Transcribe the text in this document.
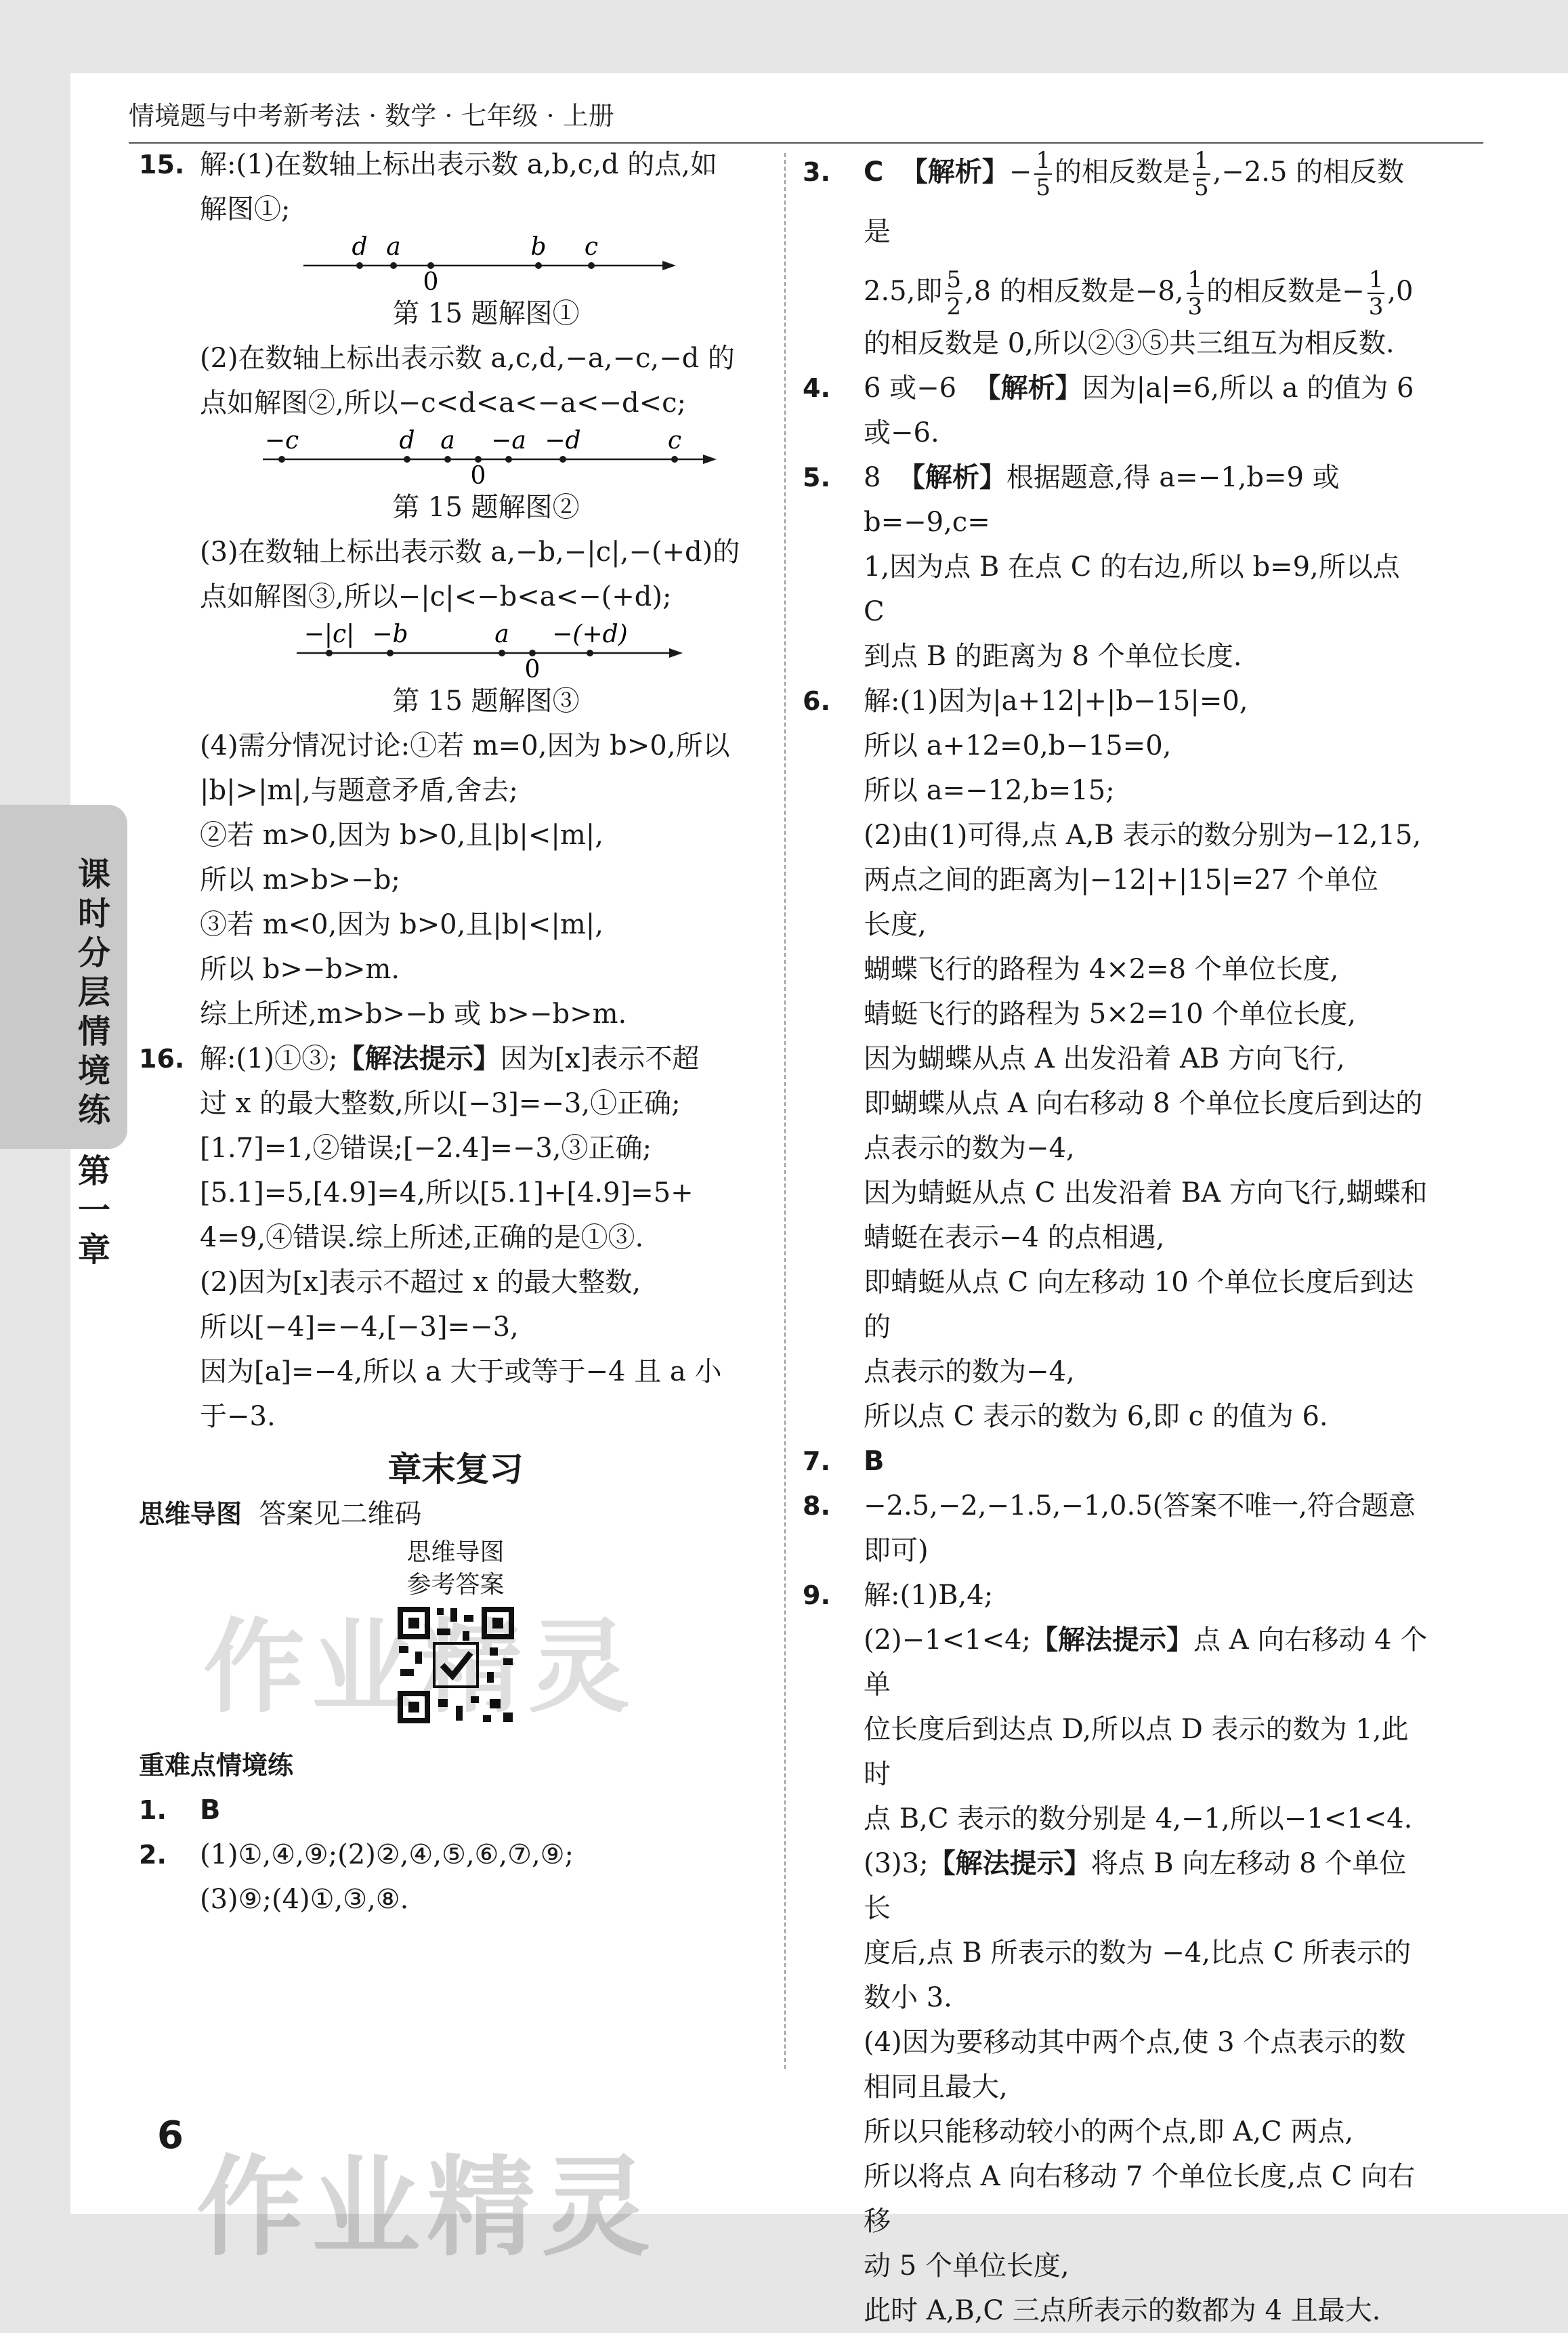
情境题与中考新考法 · 数学 · 七年级 · 上册
课时分层情境练
第一章
15. 解:(1)在数轴上标出表示数 a,b,c,d 的点,如

解图①;

d a	b c
0

第 15 题解图①

(2)在数轴上标出表示数 a,c,d,−a,−c,−d 的

点如解图②,所以−c<d<a<−a<−d<c;

−c	d a −a −d	c
0

第 15 题解图②

(3)在数轴上标出表示数 a,−b,−|c|,−(+d)的

点如解图③,所以−|c|<−b<a<−(+d);

−|c| −b	a −(+d)
0

第 15 题解图③

(4)需分情况讨论:①若 m=0,因为 b>0,所以

|b|>|m|,与题意矛盾,舍去;

②若 m>0,因为 b>0,且|b|<|m|,

所以 m>b>−b;

③若 m<0,因为 b>0,且|b|<|m|,

所以 b>−b>m.

综上所述,m>b>−b 或 b>−b>m.

16. 解:(1)①③;【解法提示】因为[x]表示不超

过 x 的最大整数,所以[−3]=−3,①正确;

[1.7]=1,②错误;[−2.4]=−3,③正确;

[5.1]=5,[4.9]=4,所以[5.1]+[4.9]=5+

4=9,④错误.综上所述,正确的是①③.

(2)因为[x]表示不超过 x 的最大整数,

所以[−4]=−4,[−3]=−3,

因为[a]=−4,所以 a 大于或等于−4 且 a 小

于−3.

章末复习

思维导图 答案见二维码

思维导图
参考答案

重难点情境练

1. B

2. (1)①,④,⑨;(2)②,④,⑤,⑥,⑦,⑨;

(3)⑨;(4)①,③,⑧.

3. C 【解析】− $\frac{1}{5}$ 的相反数是 $\frac{1}{5} ,-2.5$ 的相反数是

2.5,即 $\frac{5}{2} ,8$ 的相反数是−8, $\frac{1}{3}$ 的相反数是− $\frac{1}{3} ,0$

的相反数是 0,所以②③⑤共三组互为相反数.

4. 6 或−6 【解析】因为|a|=6,所以 a 的值为 6

或−6.

5. 8 【解析】根据题意,得 a=−1,b=9 或 b=−9,c=

1,因为点 B 在点 C 的右边,所以 b=9,所以点 C

到点 B 的距离为 8 个单位长度.

6. 解:(1)因为|a+12|+|b−15|=0,

所以 a+12=0,b−15=0,

所以 a=−12,b=15;

(2)由(1)可得,点 A,B 表示的数分别为−12,15,

两点之间的距离为|−12|+|15|=27 个单位

长度,

蝴蝶飞行的路程为 4×2=8 个单位长度,

蜻蜓飞行的路程为 5×2=10 个单位长度,

因为蝴蝶从点 A 出发沿着 AB 方向飞行,

即蝴蝶从点 A 向右移动 8 个单位长度后到达的

点表示的数为−4,

因为蜻蜓从点 C 出发沿着 BA 方向飞行,蝴蝶和

蜻蜓在表示−4 的点相遇,

即蜻蜓从点 C 向左移动 10 个单位长度后到达的

点表示的数为−4,

所以点 C 表示的数为 6,即 c 的值为 6.

7. B

8. −2.5,−2,−1.5,−1,0.5(答案不唯一,符合题意

即可)

9. 解:(1)B,4;

(2)−1<1<4;【解法提示】点 A 向右移动 4 个单

位长度后到达点 D,所以点 D 表示的数为 1,此时

点 B,C 表示的数分别是 4,−1,所以−1<1<4.

(3)3;【解法提示】将点 B 向左移动 8 个单位长

度后,点 B 所表示的数为 −4,比点 C 所表示的

数小 3.

(4)因为要移动其中两个点,使 3 个点表示的数

相同且最大,

所以只能移动较小的两个点,即 A,C 两点,

所以将点 A 向右移动 7 个单位长度,点 C 向右移

动 5 个单位长度,

此时 A,B,C 三点所表示的数都为 4 且最大.

作业精灵
6
作业精灵
